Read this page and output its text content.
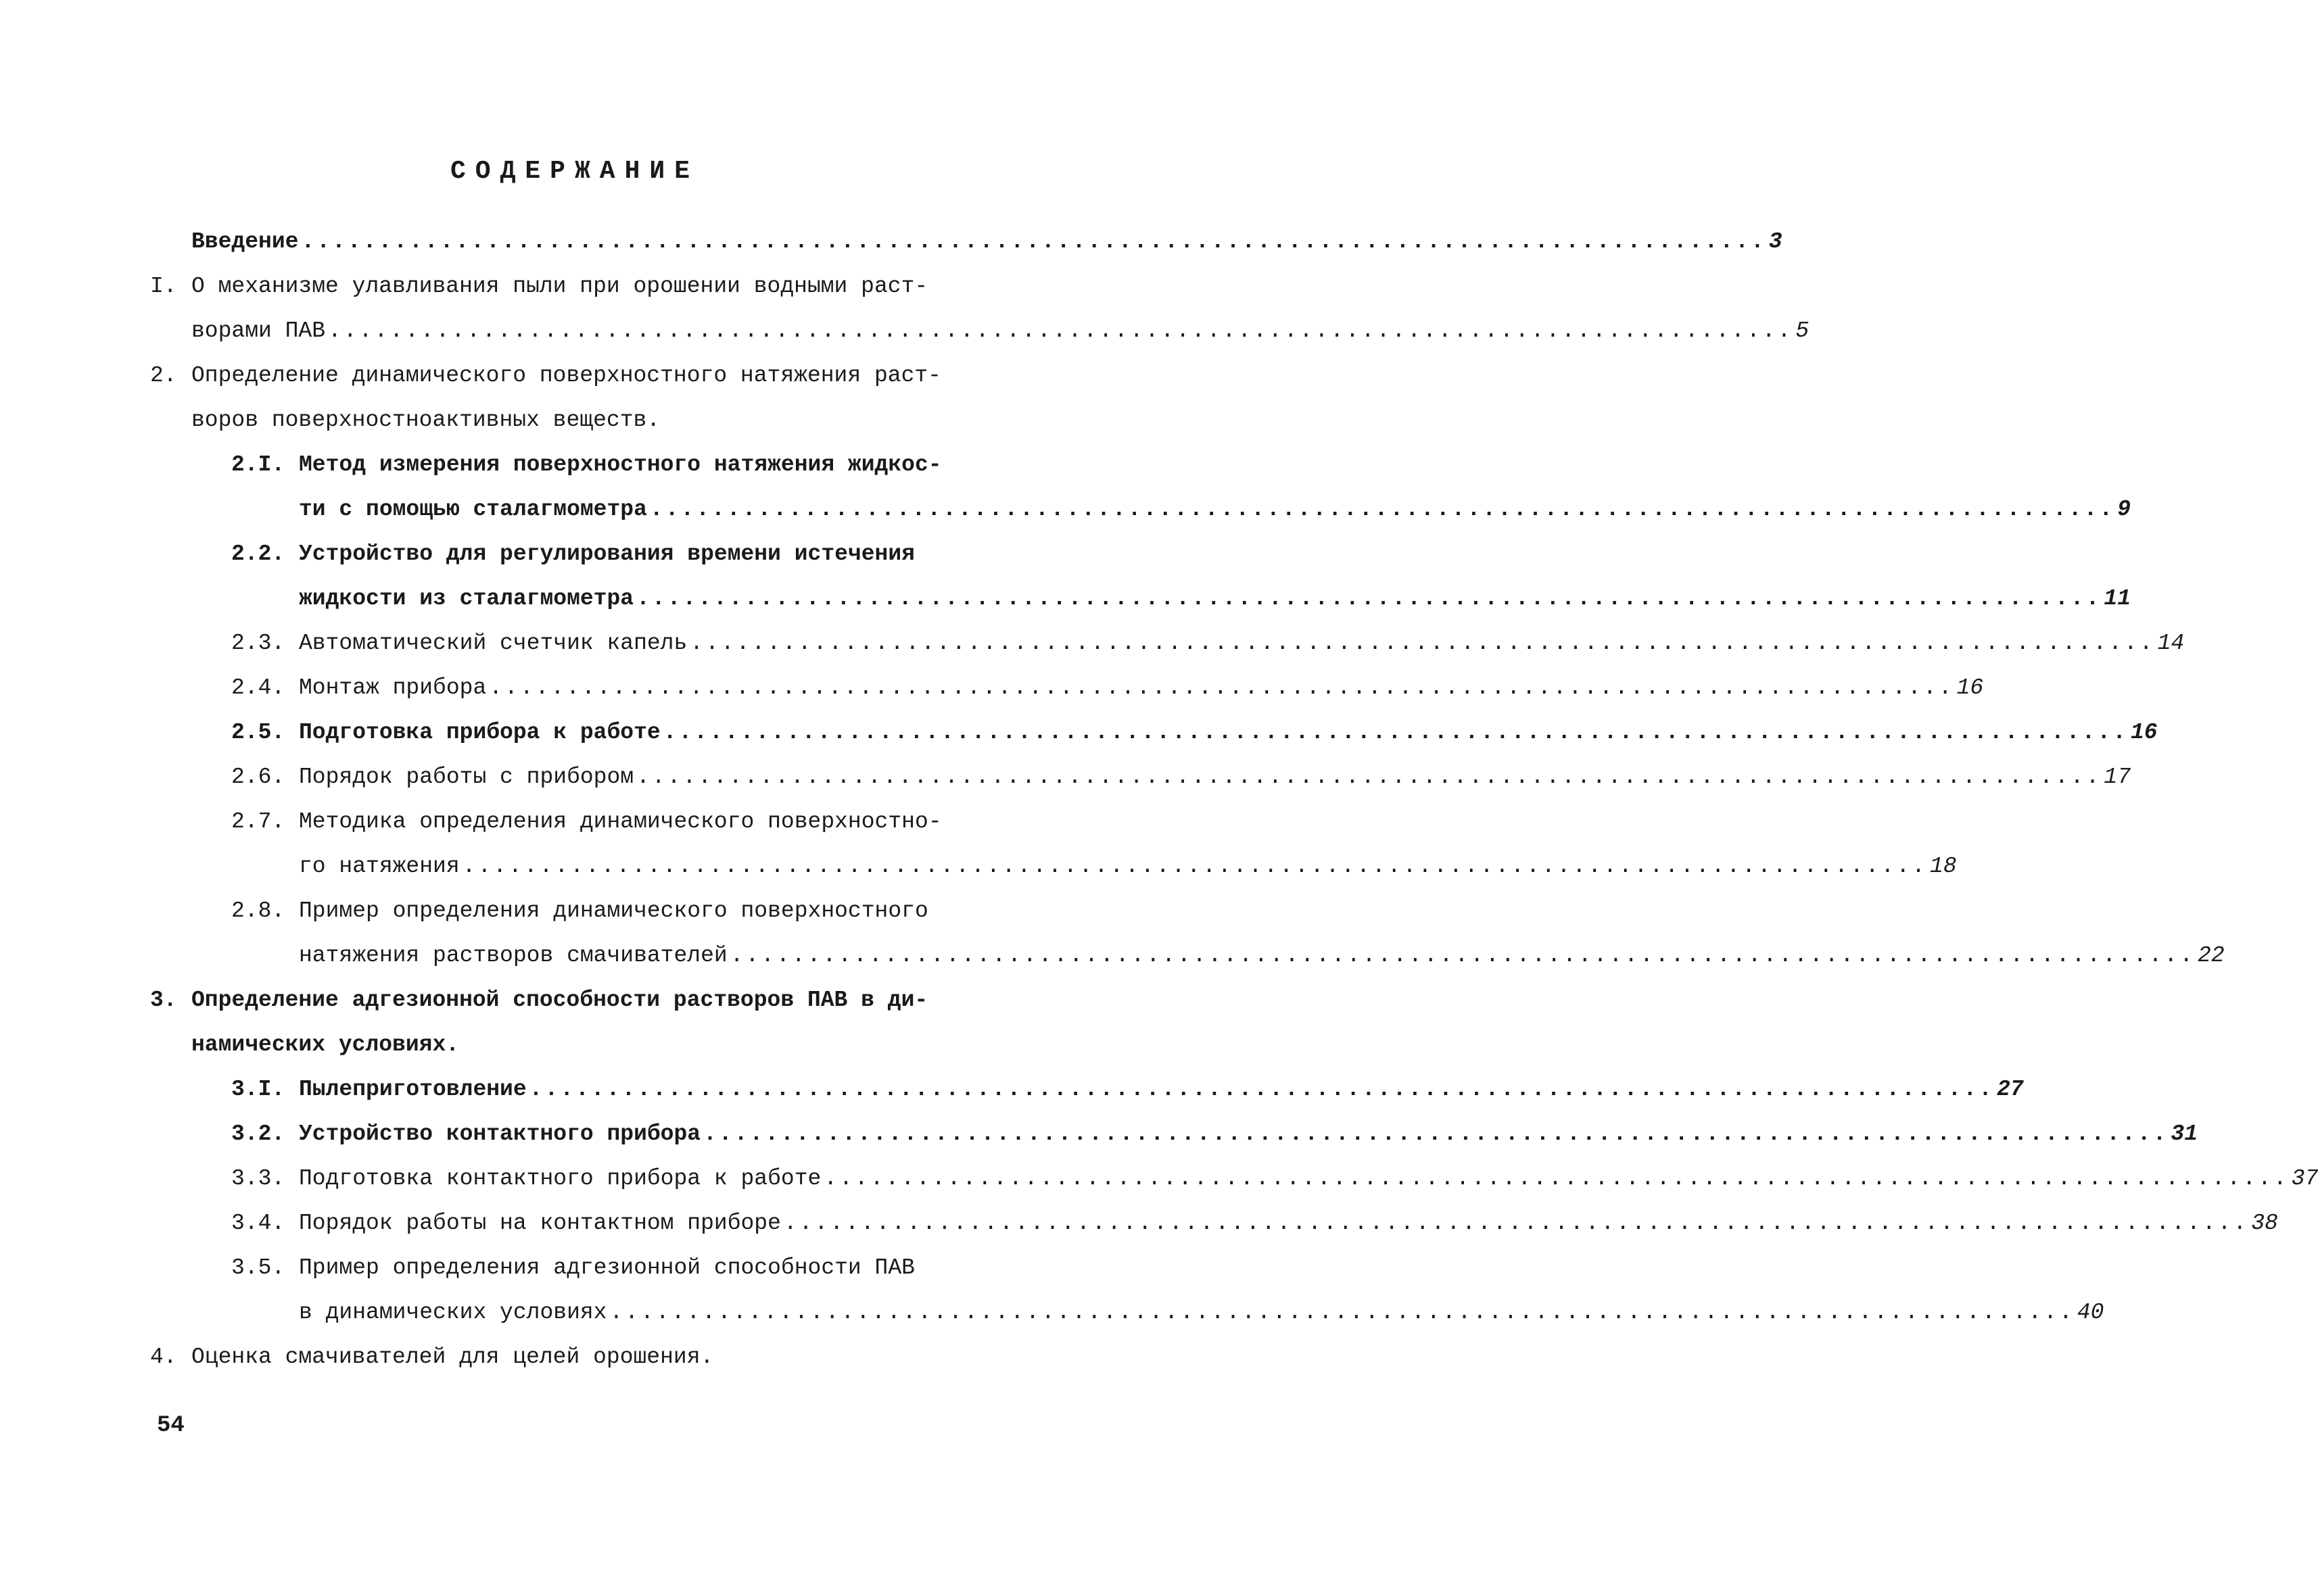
СОДЕРЖАНИЕ
Введение ............................................................................................... 3
I. О механизме улавливания пыли при орошении водными раст-
ворами ПАВ ............................................................................................... 5
2. Определение динамического поверхностного натяжения раст-
воров поверхностноактивных веществ.
2.I. Метод измерения поверхностного натяжения жидкос-
ти с помощью сталагмометра ............................................................................................... 9
2.2. Устройство для регулирования времени истечения
жидкости из сталагмометра ............................................................................................... 11
2.3. Автоматический счетчик капель ............................................................................................... 14
2.4. Монтаж прибора ............................................................................................... 16
2.5. Подготовка прибора к работе ............................................................................................... 16
2.6. Порядок работы с прибором ............................................................................................... 17
2.7. Методика определения динамического поверхностно-
го натяжения ............................................................................................... 18
2.8. Пример определения динамического поверхностного
натяжения растворов смачивателей ............................................................................................... 22
3. Определение адгезионной способности растворов ПАВ в ди-
намических условиях.
3.I. Пылеприготовление ............................................................................................... 27
3.2. Устройство контактного прибора ............................................................................................... 31
3.3. Подготовка контактного прибора к работе ............................................................................................... 37
3.4. Порядок работы на контактном приборе ............................................................................................... 38
3.5. Пример определения адгезионной способности ПАВ
в динамических условиях ............................................................................................... 40
4. Оценка смачивателей для целей орошения.
54
